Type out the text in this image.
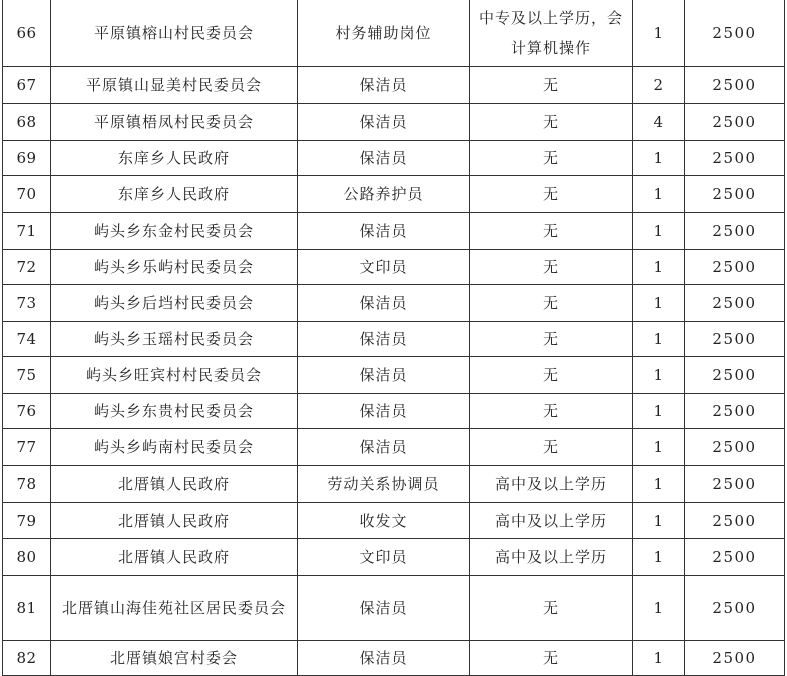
66	平原镇榕山村民委员会	村务辅助岗位	中专及以上学历，会计算机操作	1	2500
67	平原镇山显美村民委员会	保洁员	无	2	2500
68	平原镇梧凤村民委员会	保洁员	无	4	2500
69	东庠乡人民政府	保洁员	无	1	2500
70	东庠乡人民政府	公路养护员	无	1	2500
71	屿头乡东金村民委员会	保洁员	无	1	2500
72	屿头乡乐屿村民委员会	文印员	无	1	2500
73	屿头乡后垱村民委员会	保洁员	无	1	2500
74	屿头乡玉瑶村民委员会	保洁员	无	1	2500
75	屿头乡旺宾村村民委员会	保洁员	无	1	2500
76	屿头乡东贵村民委员会	保洁员	无	1	2500
77	屿头乡屿南村民委员会	保洁员	无	1	2500
78	北厝镇人民政府	劳动关系协调员	高中及以上学历	1	2500
79	北厝镇人民政府	收发文	高中及以上学历	1	2500
80	北厝镇人民政府	文印员	高中及以上学历	1	2500
81	北厝镇山海佳苑社区居民委员会	保洁员	无	1	2500
82	北厝镇娘宫村委会	保洁员	无	1	2500
